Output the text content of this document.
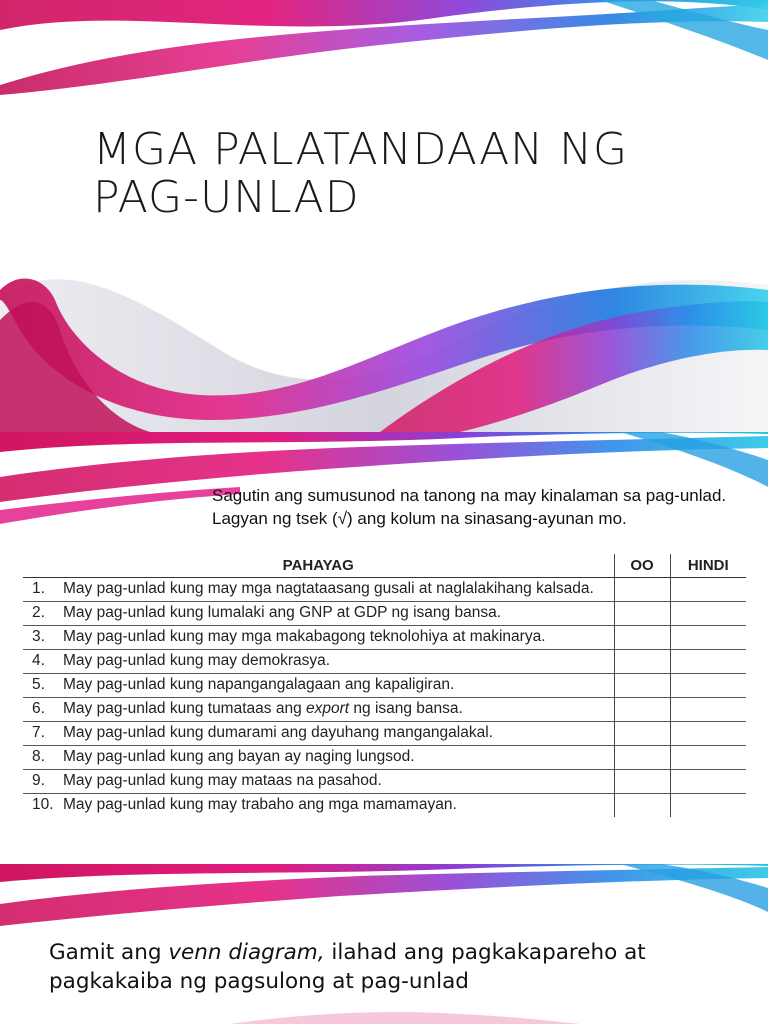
MGA PALATANDAAN NG PAG-UNLAD
Sagutin ang sumusunod na tanong na may kinalaman sa pag-unlad. Lagyan ng tsek (√) ang kolum na sinasang-ayunan mo.
PAHAYAG	OO	HINDI

1. May pag-unlad kung may mga nagtataasang gusali at naglalakihang kalsada.		

2. May pag-unlad kung lumalaki ang GNP at GDP ng isang bansa.		

3. May pag-unlad kung may mga makabagong teknolohiya at makinarya.		

4. May pag-unlad kung may demokrasya.		

5. May pag-unlad kung napangangalagaan ang kapaligiran.		

6. May pag-unlad kung tumataas ang export ng isang bansa.		

7. May pag-unlad kung dumarami ang dayuhang mangangalakal.		

8. May pag-unlad kung ang bayan ay naging lungsod.		

9. May pag-unlad kung may mataas na pasahod.		

10. May pag-unlad kung may trabaho ang mga mamamayan.		

Gamit ang venn diagram, ilahad ang pagkakapareho at pagkakaiba ng pagsulong at pag-unlad
